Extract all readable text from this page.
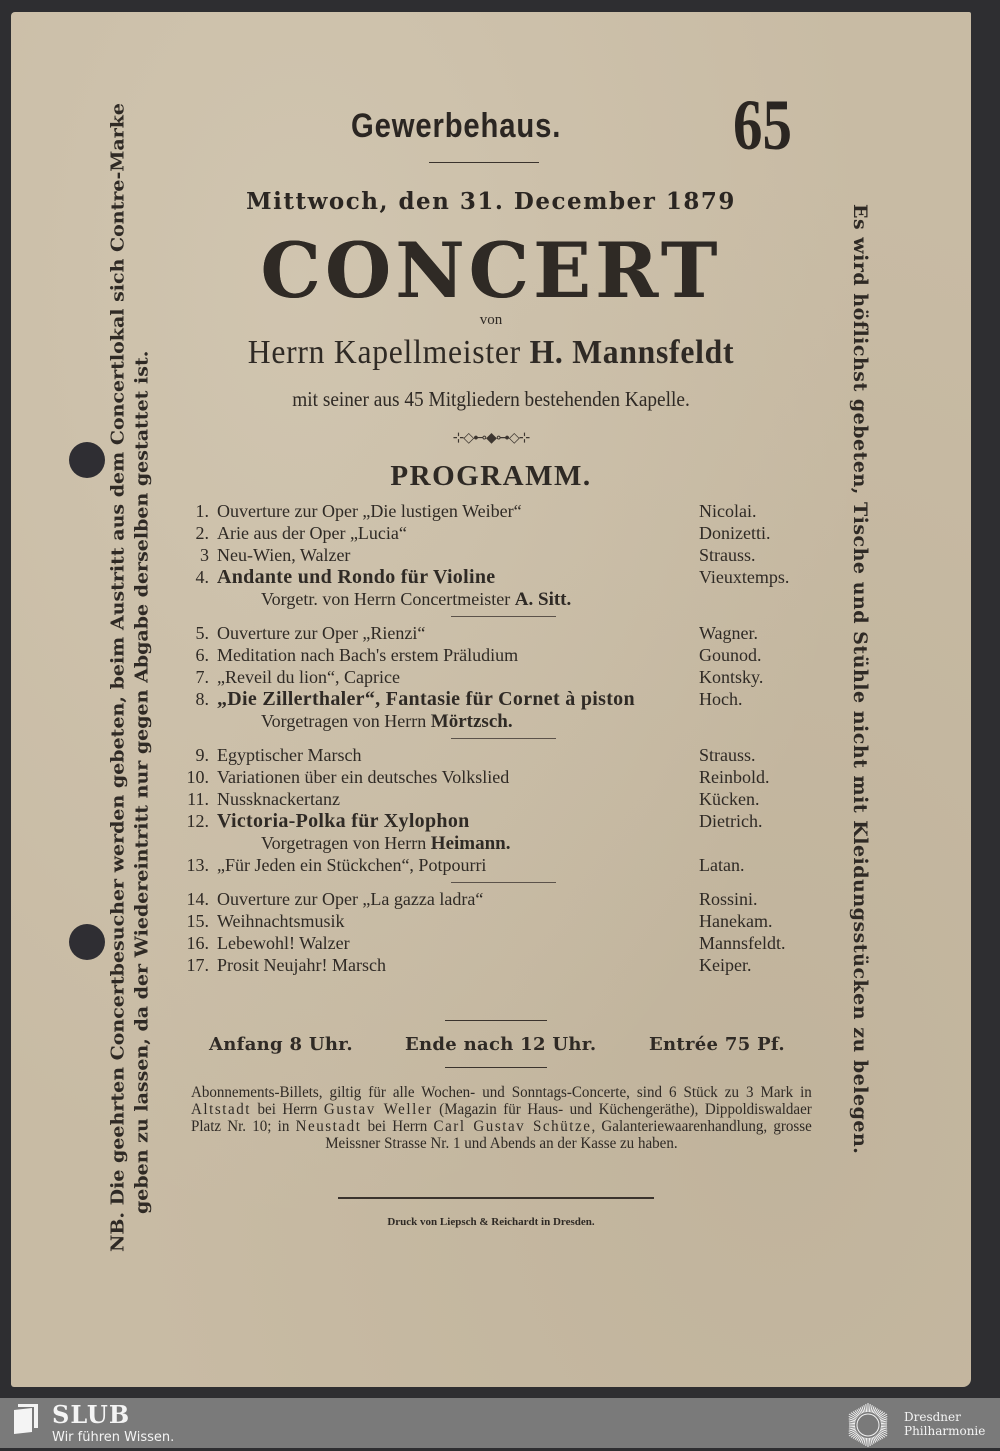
Gewerbehaus. 65
Mittwoch, den 31. December 1879
CONCERT
von
Herrn Kapellmeister H. Mannsfeldt
mit seiner aus 45 Mitgliedern bestehenden Kapelle.
⊹◇⊷◆⊶◇⊹
PROGRAMM.
1. Ouverture zur Oper „Die lustigen Weiber“	Nicolai.
2. Arie aus der Oper „Lucia“	Donizetti.
3 Neu-Wien, Walzer	Strauss.
4. Andante und Rondo für Violine	Vieuxtemps.
Vorgetr. von Herrn Concertmeister A. Sitt.
5. Ouverture zur Oper „Rienzi“	Wagner.
6. Meditation nach Bach's erstem Präludium	Gounod.
7. „Reveil du lion“, Caprice	Kontsky.
8. „Die Zillerthaler“, Fantasie für Cornet à piston	Hoch.
Vorgetragen von Herrn Mörtzsch.
9. Egyptischer Marsch	Strauss.
10. Variationen über ein deutsches Volkslied	Reinbold.
11. Nussknackertanz	Kücken.
12. Victoria-Polka für Xylophon	Dietrich.
Vorgetragen von Herrn Heimann.
13. „Für Jeden ein Stückchen“, Potpourri	Latan.
14. Ouverture zur Oper „La gazza ladra“	Rossini.
15. Weihnachtsmusik	Hanekam.
16. Lebewohl! Walzer	Mannsfeldt.
17. Prosit Neujahr! Marsch	Keiper.
Anfang 8 Uhr.	Ende nach 12 Uhr.	Entrée 75 Pf.
Abonnements-Billets, giltig für alle Wochen- und Sonntags-Concerte, sind 6 Stück zu 3 Mark in Altstadt bei Herrn Gustav Weller (Magazin für Haus- und Küchengeräthe), Dippoldiswaldaer Platz Nr. 10; in Neustadt bei Herrn Carl Gustav Schütze, Galanteriewaarenhandlung, grosse Meissner Strasse Nr. 1 und Abends an der Kasse zu haben.
Druck von Liepsch & Reichardt in Dresden.
NB. Die geehrten Concertbesucher werden gebeten, beim Austritt aus dem Concertlokal sich Contre-Marke geben zu lassen, da der Wiedereintritt nur gegen Abgabe derselben gestattet ist.	Es wird höflichst gebeten, Tische und Stühle nicht mit Kleidungsstücken zu belegen.
SLUB
Wir führen Wissen.
Dresdner
Philharmonie
